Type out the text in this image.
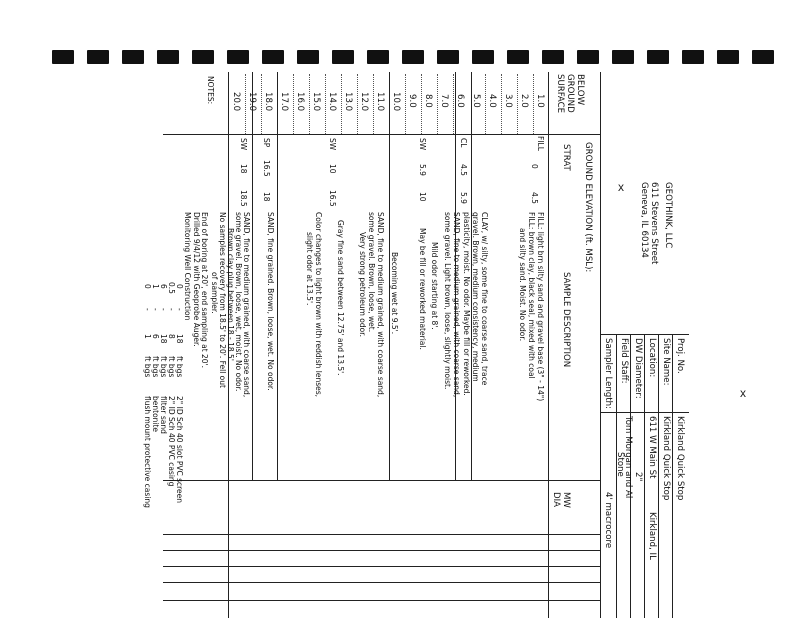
x
x
GEOTHINK, LLC
611 Stevens Street
Geneva, IL 60134
Proj. No.
Kirkland Quick Stop
Site Name:
Kirkland Quick Stop
Location:
611 W Main St
Kirkland, IL
DW Diameter:
2"
Field Staff:
Tom Morgan and Al
Stone
Sampler Length:
4' macrocore
BELOW
GROUND
SURFACE
GROUND ELEVATION (ft. MSL):
STRAT
SAMPLE DESCRIPTION
MW
DIA
1.0
2.0
3.0
4.0
5.0
6.0
7.0
8.0
9.0
10.0
11.0
12.0
13.0
14.0
15.0
16.0
17.0
18.0
19.0
20.0
FILL
0
4.5
FILL: light brn silty sand and gravel base (3" - 14")
FILL: brown clay, black seal, mixed with coal
and silty sand. Moist. No odor.
CL
4.5
5.9
CLAY, w/ silty, some fine to coarse sand, trace
gravel. Brown, medium consistency, medium
plasticity, moist. No odor. Maybe fill or reworked.
SW
5.9
10
SAND, fine to medium grained, with coarse sand,
some gravel. Light brown, loose, slightly moist.
Mild odor starting at 8'.
May be fill or reworked material.
SW
10
16.5
Becoming wet at 9.5'.
SAND, fine to medium grained, with coarse sand,
some gravel. Brown, loose, wet.
Very strong petroleum odor.
Gray fine sand between 12.75' and 13.5'.
Color changes to light brown with reddish lenses,
slight odor at 13.5'.
SP
16.5
18
SAND, fine grained. Brown, loose, wet. No odor.
SW
18
18.5
SAND, fine to medium grained, with coarse sand,
some gravel. Brown, loose, wet, moist. No odor.
Brown clay plug between 18 - 18.5'
No samples recovery from 18.5' to 20'. Fell out
of sampler.
NOTES:
End of boring at 20', end sampling at 20'.
Drilled 9/4/12 with Geoprobe Auger.
Monitoring Well Construction
0
-
18
ft bgs
2" ID Sch 40 slot PVC screen
0.5
-
8
ft bgs
2" ID Sch 40 PVC casing
6
-
18
ft bgs
filter sand
1
-
6
ft bgs
bentonite
0
-
1
ft bgs
flush mount protective casing
